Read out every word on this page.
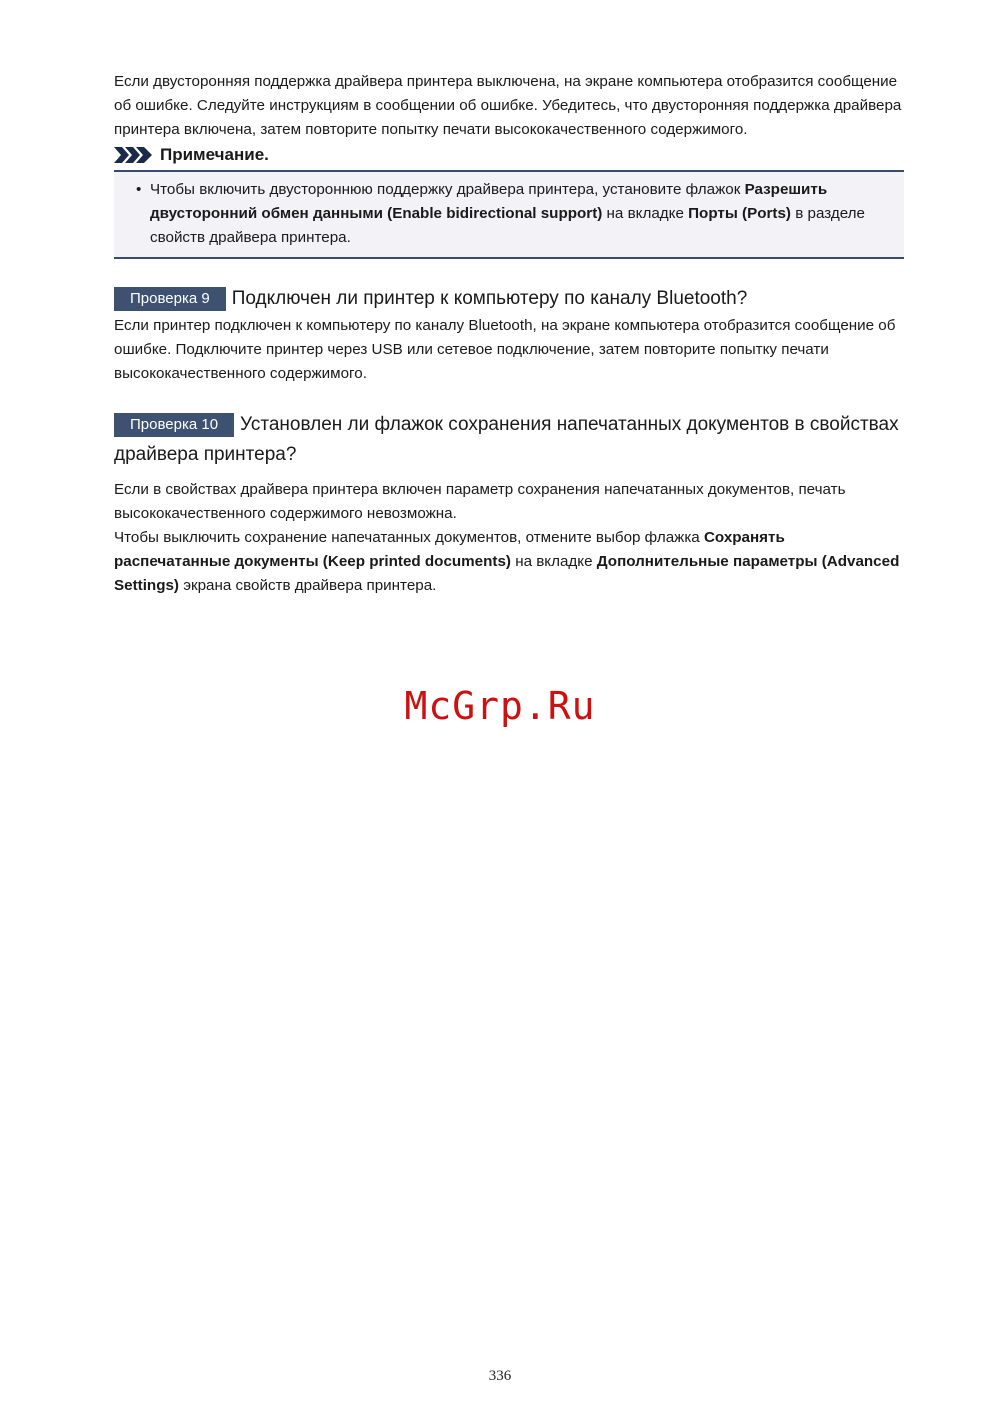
Если двусторонняя поддержка драйвера принтера выключена, на экране компьютера отобразится сообщение об ошибке. Следуйте инструкциям в сообщении об ошибке. Убедитесь, что двусторонняя поддержка драйвера принтера включена, затем повторите попытку печати высококачественного содержимого.

Примечание.
• Чтобы включить двустороннюю поддержку драйвера принтера, установите флажок Разрешить двусторонний обмен данными (Enable bidirectional support) на вкладке Порты (Ports) в разделе свойств драйвера принтера.
Проверка 9 Подключен ли принтер к компьютеру по каналу Bluetooth?

Если принтер подключен к компьютеру по каналу Bluetooth, на экране компьютера отобразится сообщение об ошибке. Подключите принтер через USB или сетевое подключение, затем повторите попытку печати высококачественного содержимого.

Проверка 10 Установлен ли флажок сохранения напечатанных документов в свойствах драйвера принтера?

Если в свойствах драйвера принтера включен параметр сохранения напечатанных документов, печать высококачественного содержимого невозможна.

Чтобы выключить сохранение напечатанных документов, отмените выбор флажка Сохранять распечатанные документы (Keep printed documents) на вкладке Дополнительные параметры (Advanced Settings) экрана свойств драйвера принтера.

McGrp.Ru
336
